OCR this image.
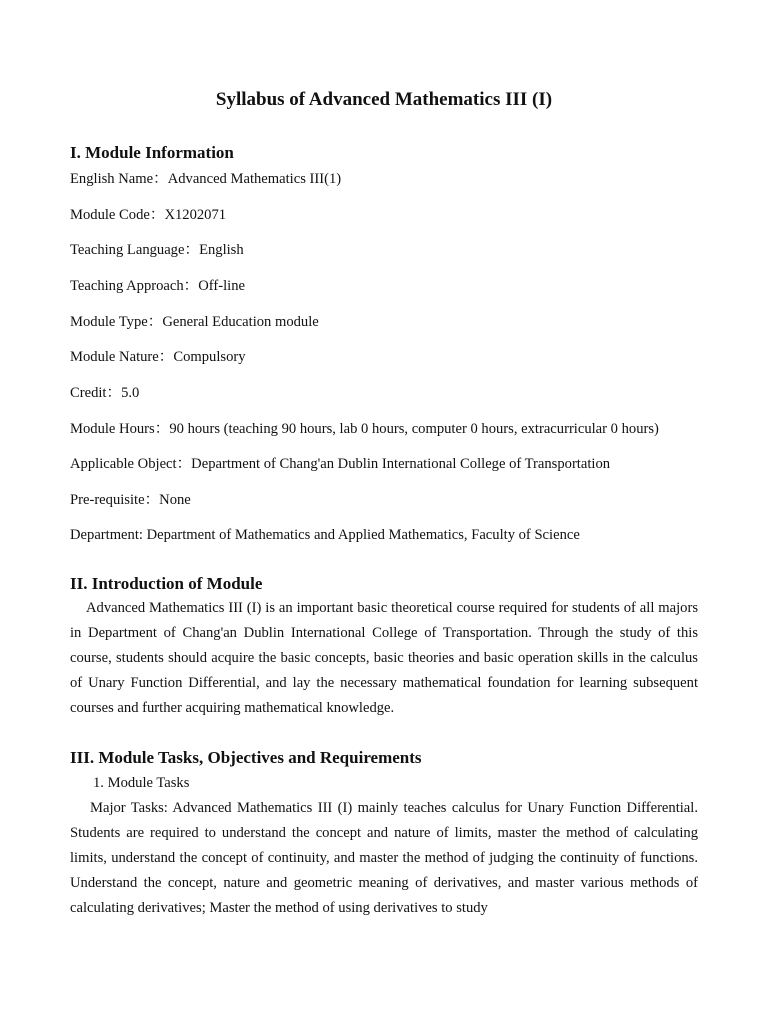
Syllabus of Advanced Mathematics III (I)
I. Module Information
English Name：Advanced Mathematics III(1)
Module Code：X1202071
Teaching Language：English
Teaching Approach：Off-line
Module Type：General Education module
Module Nature：Compulsory
Credit：5.0
Module Hours：90 hours (teaching 90 hours, lab 0 hours, computer 0 hours, extracurricular 0 hours)
Applicable Object：Department of Chang'an Dublin International College of Transportation
Pre-requisite：None
Department: Department of Mathematics and Applied Mathematics, Faculty of Science
II. Introduction of Module

Advanced Mathematics III (I) is an important basic theoretical course required for students of all majors in Department of Chang'an Dublin International College of Transportation. Through the study of this course, students should acquire the basic concepts, basic theories and basic operation skills in the calculus of Unary Function Differential, and lay the necessary mathematical foundation for learning subsequent courses and further acquiring mathematical knowledge.

III. Module Tasks, Objectives and Requirements
1. Module Tasks

Major Tasks: Advanced Mathematics III (I) mainly teaches calculus for Unary Function Differential. Students are required to understand the concept and nature of limits, master the method of calculating limits, understand the concept of continuity, and master the method of judging the continuity of functions. Understand the concept, nature and geometric meaning of derivatives, and master various methods of calculating derivatives; Master the method of using derivatives to study
